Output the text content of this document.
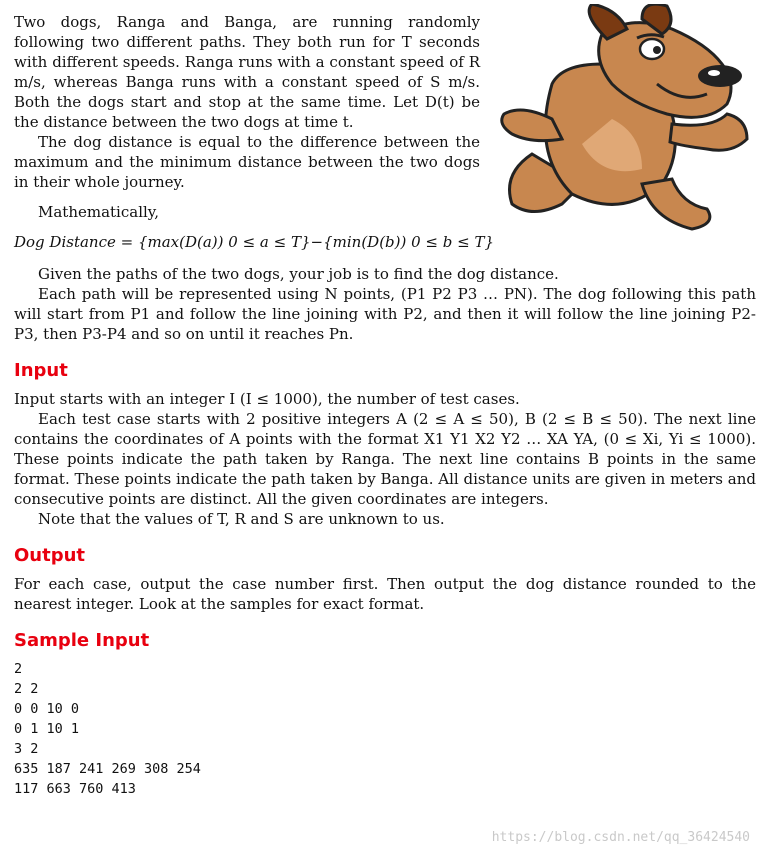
Two dogs, Ranga and Banga, are running randomly following two different paths. They both run for T seconds with different speeds. Ranga runs with a constant speed of R m/s, whereas Banga runs with a constant speed of S m/s. Both the dogs start and stop at the same time. Let D(t) be the distance between the two dogs at time t.

The dog distance is equal to the difference between the maximum and the minimum distance between the two dogs in their whole journey.

Mathematically,

Dog Distance = {max(D(a)) 0 ≤ a ≤ T}−{min(D(b)) 0 ≤ b ≤ T}

Given the paths of the two dogs, your job is to find the dog distance.

Each path will be represented using N points, (P1 P2 P3 … PN). The dog following this path will start from P1 and follow the line joining with P2, and then it will follow the line joining P2-P3, then P3-P4 and so on until it reaches Pn.

Input

Input starts with an integer I (I ≤ 1000), the number of test cases.

Each test case starts with 2 positive integers A (2 ≤ A ≤ 50), B (2 ≤ B ≤ 50). The next line contains the coordinates of A points with the format X1 Y1 X2 Y2 … XA YA, (0 ≤ Xi, Yi ≤ 1000). These points indicate the path taken by Ranga. The next line contains B points in the same format. These points indicate the path taken by Banga. All distance units are given in meters and consecutive points are distinct. All the given coordinates are integers.

Note that the values of T, R and S are unknown to us.

Output

For each case, output the case number first. Then output the dog distance rounded to the nearest integer. Look at the samples for exact format.

Sample Input
2
2 2
0 0 10 0
0 1 10 1
3 2
635 187 241 269 308 254
117 663 760 413
https://blog.csdn.net/qq_36424540
